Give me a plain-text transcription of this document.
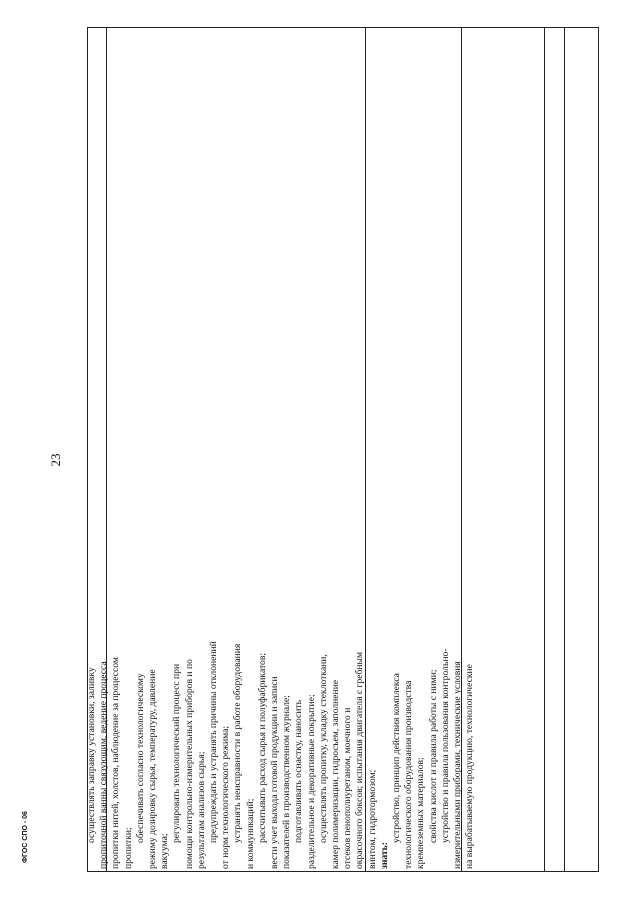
23
осуществлять заправку установки, заливку пропиточной ванны связующим, ведение процесса пропитки нитей, холстов, наблюдение за процессом пропитки;
обеспечивать согласно технологическому режиму дозировку сырья, температуру, давление вакуума;
регулировать технологический процесс при помощи контрольно-измерительных приборов и по результатам анализов сырья; предупреждать и устранять причины отклонений от норм технологического режима; устранять неисправности в работе оборудования и коммуникаций; рассчитывать расход сырья и полуфабрикатов; вести учет выхода готовой продукции и записи показателей в производственном журнале; подготавливать оснастку, наносить разделительное и декоративные покрытие; осуществлять пропитку, укладку стеклоткани, камер полимеризации, гидросъем, заполнение отсеков пенополиуретаном, моечного и окрасочного боксов; испытания двигателя с гребным винтом, гидротормозом; знать:
устройство, принцип действия комплекса технологического оборудования производства кремнеземных материалов; свойства кислот и правила работы с ними; устройство и правила пользования контрольно- измерительными приборами, технические условия на вырабатываемую продукцию, технологические
ФГОС СПО - 06
